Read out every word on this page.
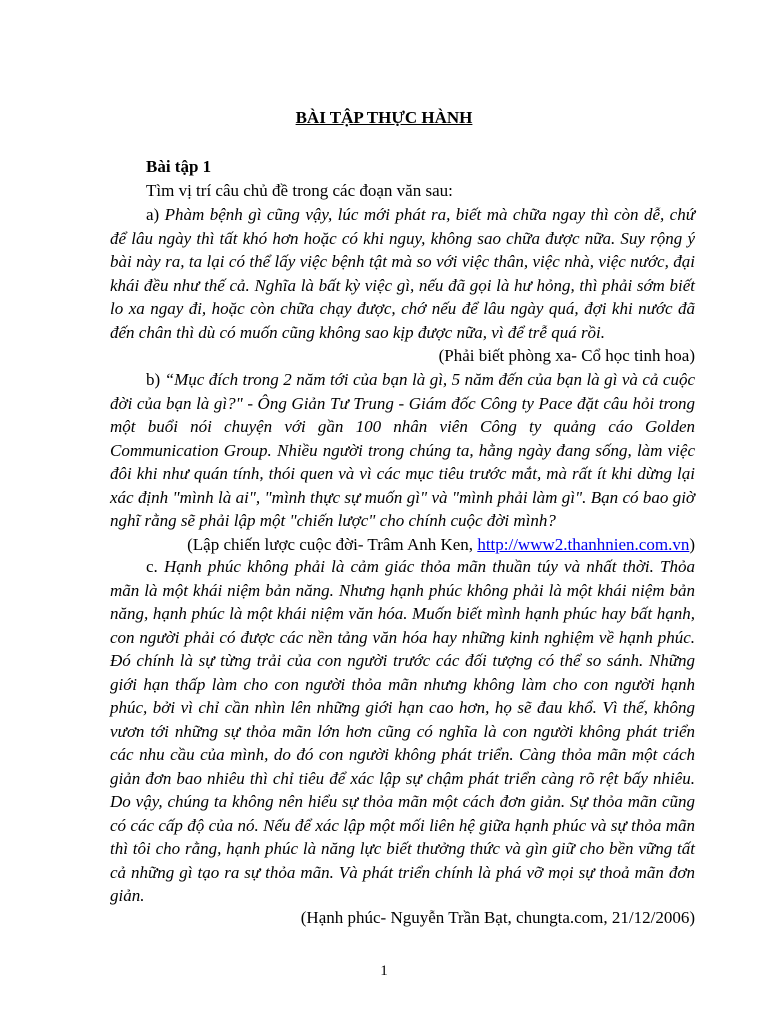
BÀI TẬP THỰC HÀNH
Bài tập 1
Tìm vị trí câu chủ đề trong các đoạn văn sau:

a) Phàm bệnh gì cũng vậy, lúc mới phát ra, biết mà chữa ngay thì còn dễ, chứ để lâu ngày thì tất khó hơn hoặc có khi nguy, không sao chữa được nữa. Suy rộng ý bài này ra, ta lại có thể lấy việc bệnh tật mà so với việc thân, việc nhà, việc nước, đại khái đều như thế cả. Nghĩa là bất kỳ việc gì, nếu đã gọi là hư hỏng, thì phải sớm biết lo xa ngay đi, hoặc còn chữa chạy được, chớ nếu để lâu ngày quá, đợi khi nước đã đến chân thì dù có muốn cũng không sao kịp được nữa, vì để trễ quá rồi.

(Phải biết phòng xa- Cổ học tinh hoa)

b) “Mục đích trong 2 năm tới của bạn là gì, 5 năm đến của bạn là gì và cả cuộc đời của bạn là gì?" - Ông Giản Tư Trung - Giám đốc Công ty Pace đặt câu hỏi trong một buổi nói chuyện với gần 100 nhân viên Công ty quảng cáo Golden Communication Group. Nhiều người trong chúng ta, hằng ngày đang sống, làm việc đôi khi như quán tính, thói quen và vì các mục tiêu trước mắt, mà rất ít khi dừng lại xác định "mình là ai", "mình thực sự muốn gì" và "mình phải làm gì". Bạn có bao giờ nghĩ rằng sẽ phải lập một "chiến lược" cho chính cuộc đời mình?

(Lập chiến lược cuộc đời- Trâm Anh Ken, http://www2.thanhnien.com.vn)

c. Hạnh phúc không phải là cảm giác thỏa mãn thuần túy và nhất thời. Thỏa mãn là một khái niệm bản năng. Nhưng hạnh phúc không phải là một khái niệm bản năng, hạnh phúc là một khái niệm văn hóa. Muốn biết mình hạnh phúc hay bất hạnh, con người phải có được các nền tảng văn hóa hay những kinh nghiệm về hạnh phúc. Đó chính là sự từng trải của con người trước các đối tượng có thể so sánh. Những giới hạn thấp làm cho con người thỏa mãn nhưng không làm cho con người hạnh phúc, bởi vì chỉ cần nhìn lên những giới hạn cao hơn, họ sẽ đau khổ. Vì thế, không vươn tới những sự thỏa mãn lớn hơn cũng có nghĩa là con người không phát triển các nhu cầu của mình, do đó con người không phát triển. Càng thỏa mãn một cách giản đơn bao nhiêu thì chỉ tiêu để xác lập sự chậm phát triển càng rõ rệt bấy nhiêu. Do vậy, chúng ta không nên hiểu sự thỏa mãn một cách đơn giản. Sự thỏa mãn cũng có các cấp độ của nó. Nếu để xác lập một mối liên hệ giữa hạnh phúc và sự thỏa mãn thì tôi cho rằng, hạnh phúc là năng lực biết thưởng thức và gìn giữ cho bền vững tất cả những gì tạo ra sự thỏa mãn. Và phát triển chính là phá vỡ mọi sự thoả mãn đơn giản.

(Hạnh phúc- Nguyễn Trần Bạt, chungta.com, 21/12/2006)
1
